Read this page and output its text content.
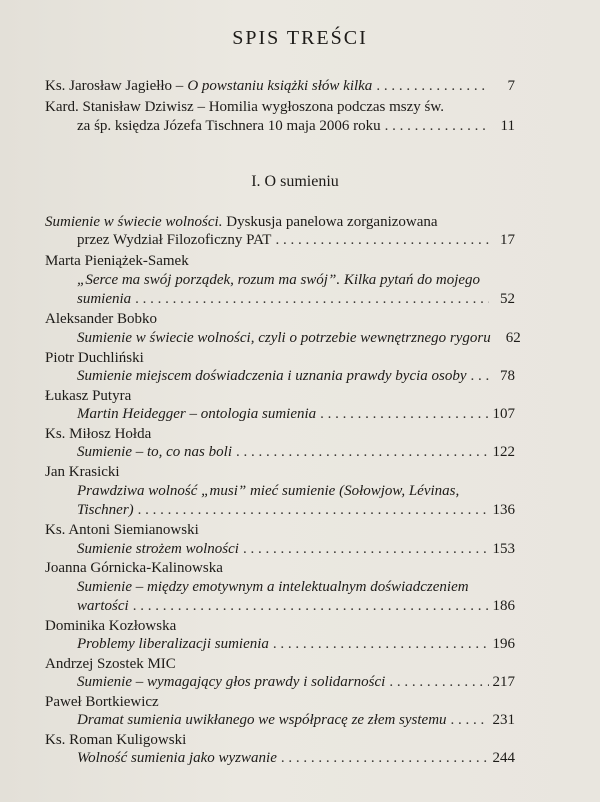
SPIS TREŚCI
Ks. Jarosław Jagiełło – O powstaniu książki słów kilka . . .	7
Kard. Stanisław Dziwisz – Homilia wygłoszona podczas mszy św.
za śp. księdza Józefa Tischnera 10 maja 2006 roku . . .	11
I. O sumieniu
Sumienie w świecie wolności. Dyskusja panelowa zorganizowana
przez Wydział Filozoficzny PAT . . .	17
Marta Pieniążek-Samek
„Serce ma swój porządek, rozum ma swój”. Kilka pytań do mojego
sumienia . . .	52
Aleksander Bobko
Sumienie w świecie wolności, czyli o potrzebie wewnętrznego rygoru	62
Piotr Duchliński
Sumienie miejscem doświadczenia i uznania prawdy bycia osoby . . .	78
Łukasz Putyra
Martin Heidegger – ontologia sumienia . . .	107
Ks. Miłosz Hołda
Sumienie – to, co nas boli . . .	122
Jan Krasicki
Prawdziwa wolność „musi” mieć sumienie (Sołowjow, Lévinas,
Tischner) . . .	136
Ks. Antoni Siemianowski
Sumienie strożem wolności . . .	153
Joanna Górnicka-Kalinowska
Sumienie – między emotywnym a intelektualnym doświadczeniem
wartości . . .	186
Dominika Kozłowska
Problemy liberalizacji sumienia . . .	196
Andrzej Szostek MIC
Sumienie – wymagający głos prawdy i solidarności . . .	217
Paweł Bortkiewicz
Dramat sumienia uwikłanego we współpracę ze złem systemu . . .	231
Ks. Roman Kuligowski
Wolność sumienia jako wyzwanie . . .	244
